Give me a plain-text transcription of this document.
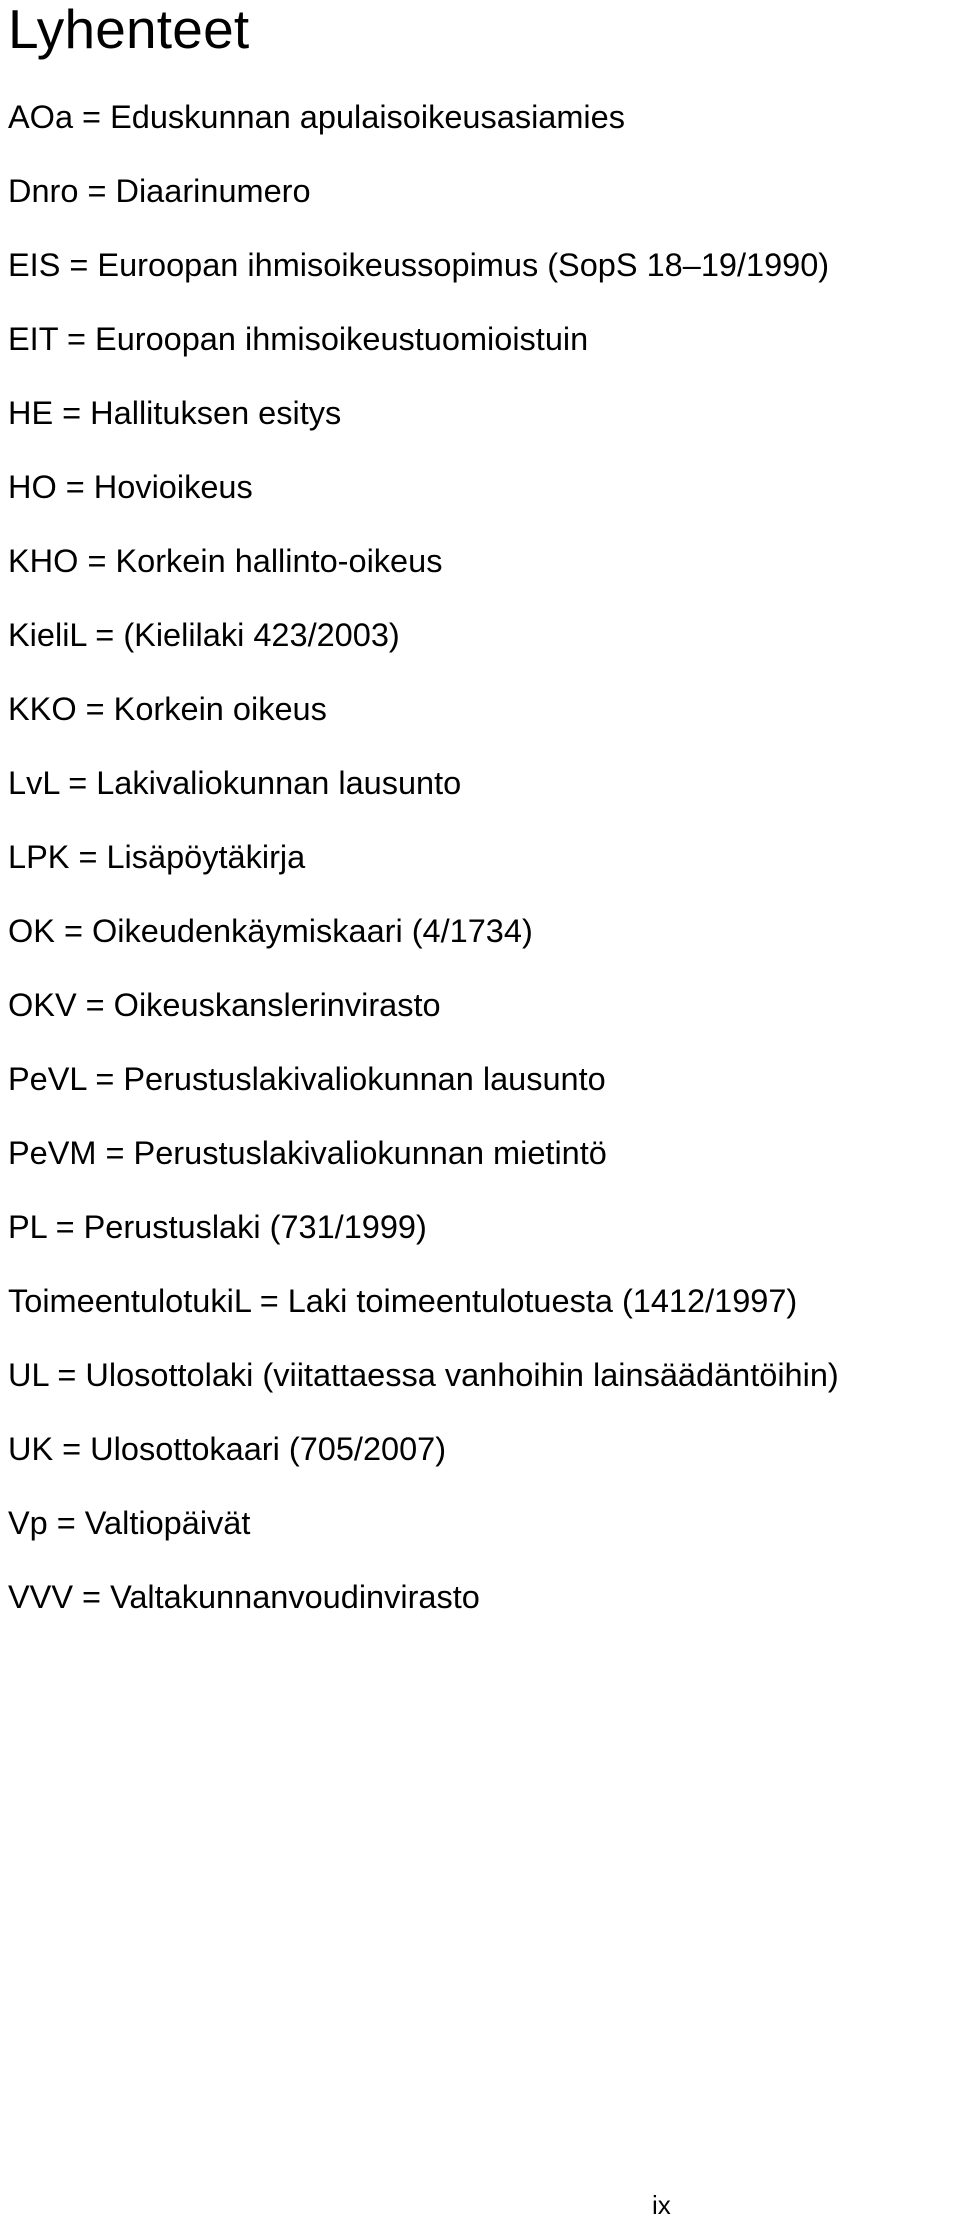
Lyhenteet
AOa = Eduskunnan apulaisoikeusasiamies
Dnro = Diaarinumero
EIS = Euroopan ihmisoikeussopimus (SopS 18–19/1990)
EIT = Euroopan ihmisoikeustuomioistuin
HE = Hallituksen esitys
HO = Hovioikeus
KHO = Korkein hallinto-oikeus
KieliL = (Kielilaki 423/2003)
KKO = Korkein oikeus
LvL = Lakivaliokunnan lausunto
LPK = Lisäpöytäkirja
OK = Oikeudenkäymiskaari (4/1734)
OKV = Oikeuskanslerinvirasto
PeVL = Perustuslakivaliokunnan lausunto
PeVM = Perustuslakivaliokunnan mietintö
PL = Perustuslaki (731/1999)
ToimeentulotukiL = Laki toimeentulotuesta (1412/1997)
UL = Ulosottolaki (viitattaessa vanhoihin lainsäädäntöihin)
UK = Ulosottokaari (705/2007)
Vp = Valtiopäivät
VVV = Valtakunnanvoudinvirasto
ix
